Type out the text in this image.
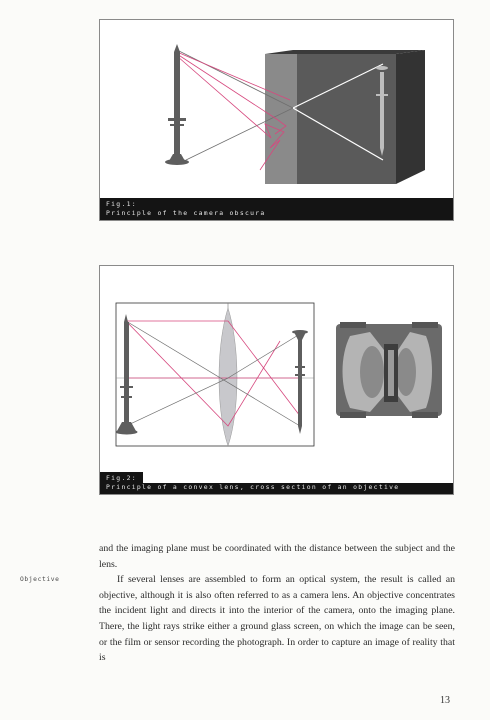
Fig.1:
Principle of the camera obscura
Fig.2:
Principle of a convex lens, cross section of an objective

and the imaging plane must be coordinated with the distance between the subject and the lens.

If several lenses are assembled to form an optical system, the result is called an objective, although it is also often referred to as a camera lens. An objective concentrates the incident light and directs it into the interior of the camera, onto the imaging plane. There, the light rays strike either a ground glass screen, on which the image can be seen, or the film or sensor recording the photograph. In order to capture an image of reality that is

Objective
13
